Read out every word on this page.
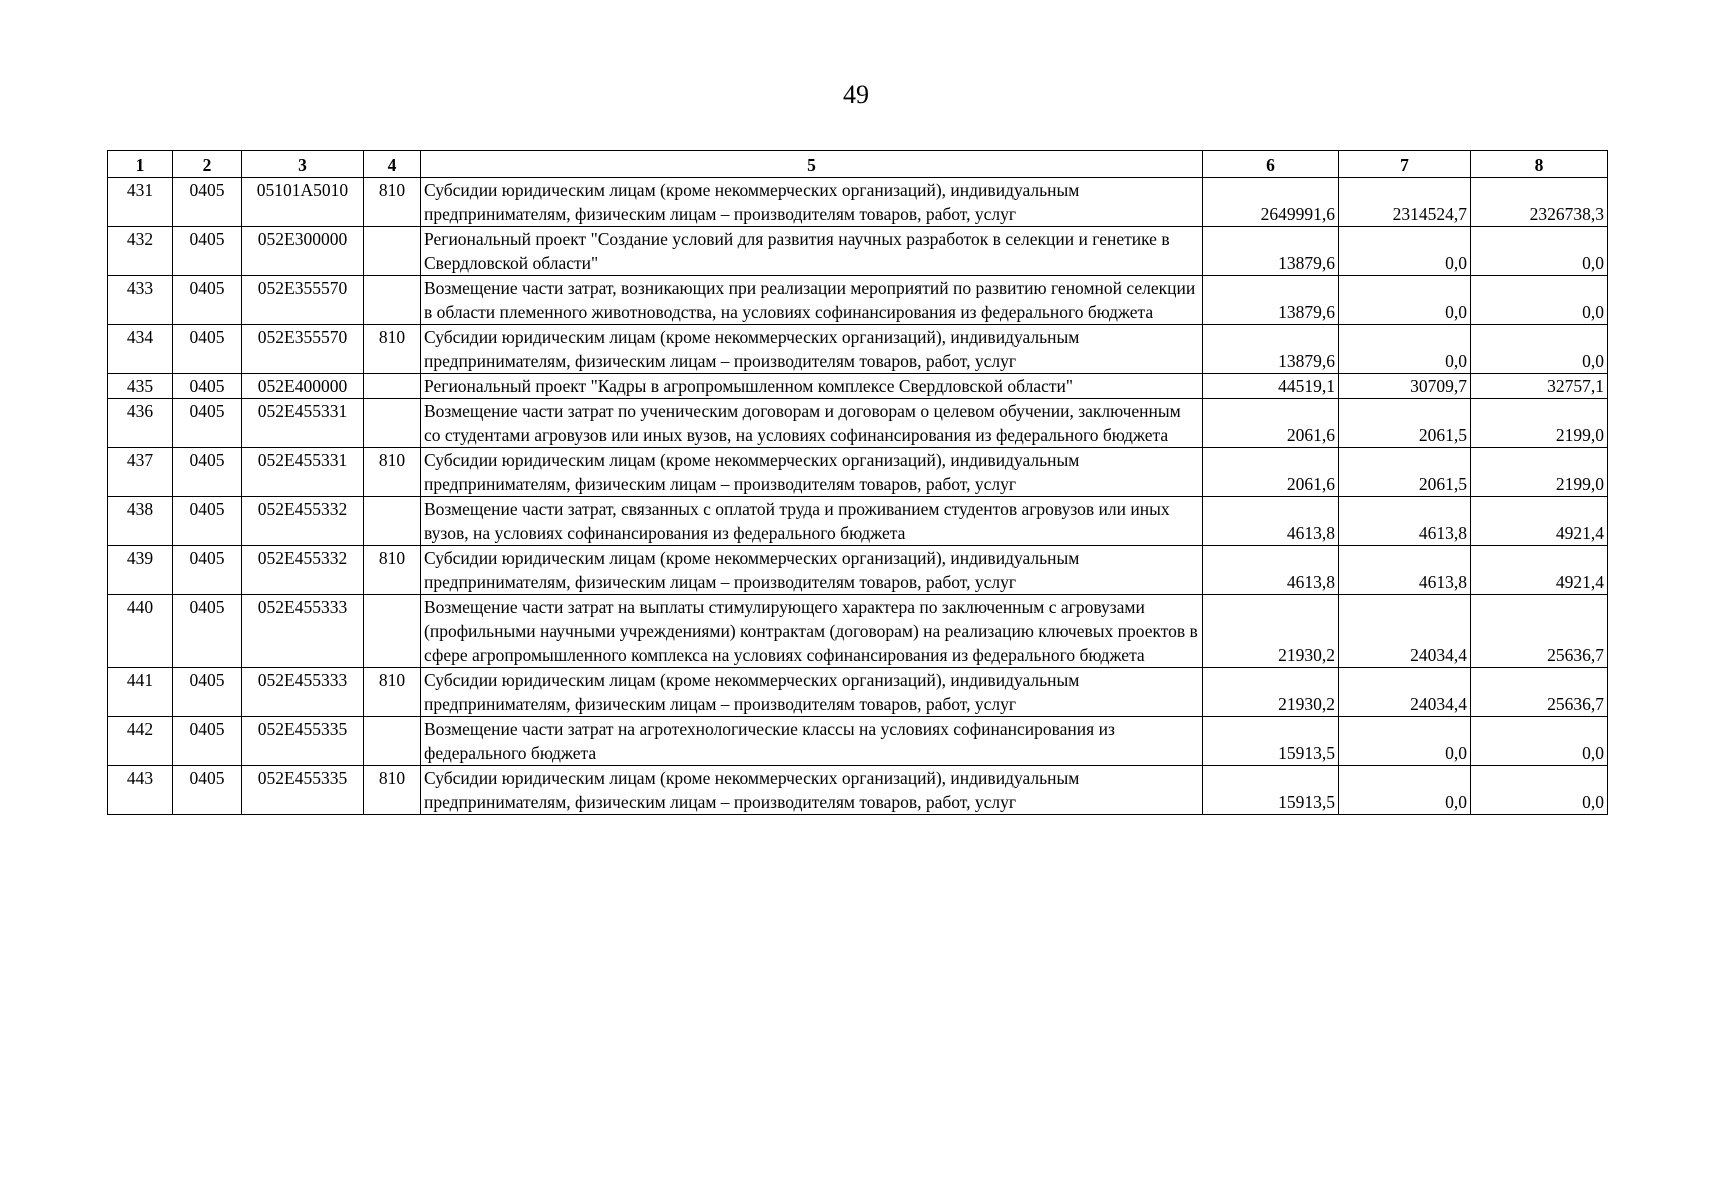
49
1	2	3	4	5	6	7	8
431	0405	05101А5010	810	Субсидии юридическим лицам (кроме некоммерческих организаций), индивидуальным предпринимателям, физическим лицам – производителям товаров, работ, услуг	2649991,6	2314524,7	2326738,3
432	0405	052Е300000		Региональный проект "Создание условий для развития научных разработок в селекции и генетике в Свердловской области"	13879,6	0,0	0,0
433	0405	052Е355570		Возмещение части затрат, возникающих при реализации мероприятий по развитию геномной селекции в области племенного животноводства, на условиях софинансирования из федерального бюджета	13879,6	0,0	0,0
434	0405	052Е355570	810	Субсидии юридическим лицам (кроме некоммерческих организаций), индивидуальным предпринимателям, физическим лицам – производителям товаров, работ, услуг	13879,6	0,0	0,0
435	0405	052Е400000		Региональный проект "Кадры в агропромышленном комплексе Свердловской области"	44519,1	30709,7	32757,1
436	0405	052Е455331		Возмещение части затрат по ученическим договорам и договорам о целевом обучении, заключенным со студентами агровузов или иных вузов, на условиях софинансирования из федерального бюджета	2061,6	2061,5	2199,0
437	0405	052Е455331	810	Субсидии юридическим лицам (кроме некоммерческих организаций), индивидуальным предпринимателям, физическим лицам – производителям товаров, работ, услуг	2061,6	2061,5	2199,0
438	0405	052Е455332		Возмещение части затрат, связанных с оплатой труда и проживанием студентов агровузов или иных вузов, на условиях софинансирования из федерального бюджета	4613,8	4613,8	4921,4
439	0405	052Е455332	810	Субсидии юридическим лицам (кроме некоммерческих организаций), индивидуальным предпринимателям, физическим лицам – производителям товаров, работ, услуг	4613,8	4613,8	4921,4
440	0405	052Е455333		Возмещение части затрат на выплаты стимулирующего характера по заключенным с агровузами (профильными научными учреждениями) контрактам (договорам) на реализацию ключевых проектов в сфере агропромышленного комплекса на условиях софинансирования из федерального бюджета	21930,2	24034,4	25636,7
441	0405	052Е455333	810	Субсидии юридическим лицам (кроме некоммерческих организаций), индивидуальным предпринимателям, физическим лицам – производителям товаров, работ, услуг	21930,2	24034,4	25636,7
442	0405	052Е455335		Возмещение части затрат на агротехнологические классы на условиях софинансирования из федерального бюджета	15913,5	0,0	0,0
443	0405	052Е455335	810	Субсидии юридическим лицам (кроме некоммерческих организаций), индивидуальным предпринимателям, физическим лицам – производителям товаров, работ, услуг	15913,5	0,0	0,0
